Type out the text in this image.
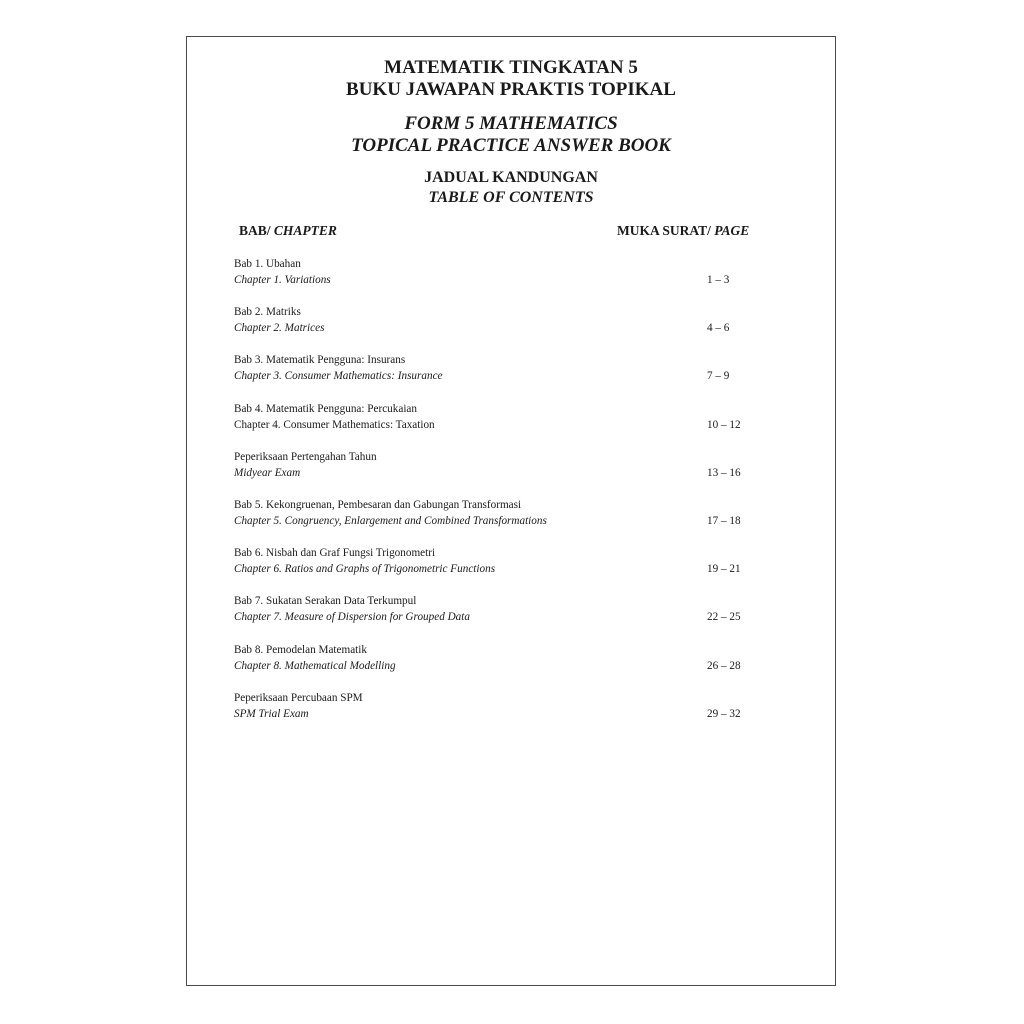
MATEMATIK TINGKATAN 5
BUKU JAWAPAN PRAKTIS TOPIKAL
FORM 5 MATHEMATICS
TOPICAL PRACTICE ANSWER BOOK
JADUAL KANDUNGAN
TABLE OF CONTENTS
BAB/ CHAPTER	MUKA SURAT/ PAGE
Bab 1. Ubahan
Chapter 1. Variations	1 – 3
Bab 2. Matriks
Chapter 2. Matrices	4 – 6
Bab 3. Matematik Pengguna: Insurans
Chapter 3. Consumer Mathematics: Insurance	7 – 9
Bab 4. Matematik Pengguna: Percukaian
Chapter 4. Consumer Mathematics: Taxation	10 – 12
Peperiksaan Pertengahan Tahun
Midyear Exam	13 – 16
Bab 5. Kekongruenan, Pembesaran dan Gabungan Transformasi
Chapter 5. Congruency, Enlargement and Combined Transformations	17 – 18
Bab 6. Nisbah dan Graf Fungsi Trigonometri
Chapter 6. Ratios and Graphs of Trigonometric Functions	19 – 21
Bab 7. Sukatan Serakan Data Terkumpul
Chapter 7. Measure of Dispersion for Grouped Data	22 – 25
Bab 8. Pemodelan Matematik
Chapter 8. Mathematical Modelling	26 – 28
Peperiksaan Percubaan SPM
SPM Trial Exam	29 – 32
